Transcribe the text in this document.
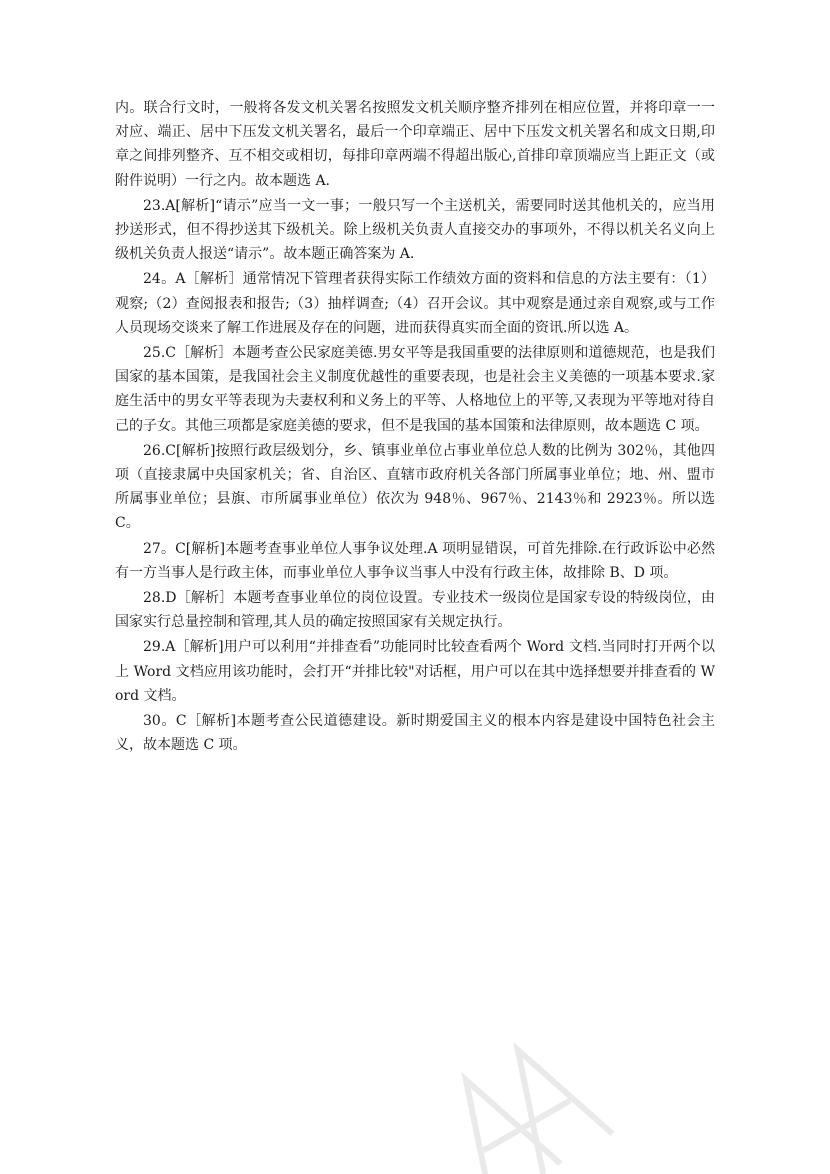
内。联合行文时，一般将各发文机关署名按照发文机关顺序整齐排列在相应位置，并将印章一一对应、端正、居中下压发文机关署名，最后一个印章端正、居中下压发文机关署名和成文日期,印章之间排列整齐、互不相交或相切，每排印章两端不得超出版心,首排印章顶端应当上距正文（或附件说明）一行之内。故本题选 A.

23.A[解析]“请示”应当一文一事；一般只写一个主送机关，需要同时送其他机关的，应当用抄送形式，但不得抄送其下级机关。除上级机关负责人直接交办的事项外，不得以机关名义向上级机关负责人报送“请示”。故本题正确答案为 A.

24。A［解析］通常情况下管理者获得实际工作绩效方面的资料和信息的方法主要有：（1）观察;（2）查阅报表和报告;（3）抽样调查;（4）召开会议。其中观察是通过亲自观察,或与工作人员现场交谈来了解工作进展及存在的问题，进而获得真实而全面的资讯.所以选 A。

25.C［解析］本题考查公民家庭美德.男女平等是我国重要的法律原则和道德规范，也是我们国家的基本国策，是我国社会主义制度优越性的重要表现，也是社会主义美德的一项基本要求.家庭生活中的男女平等表现为夫妻权利和义务上的平等、人格地位上的平等,又表现为平等地对待自己的子女。其他三项都是家庭美德的要求，但不是我国的基本国策和法律原则，故本题选 C 项。

26.C[解析]按照行政层级划分，乡、镇事业单位占事业单位总人数的比例为 302％，其他四项（直接隶属中央国家机关；省、自治区、直辖市政府机关各部门所属事业单位；地、州、盟市所属事业单位；县旗、市所属事业单位）依次为 948％、967％、2143％和 2923％。所以选 C。

27。C[解析]本题考查事业单位人事争议处理.A 项明显错误，可首先排除.在行政诉讼中必然有一方当事人是行政主体，而事业单位人事争议当事人中没有行政主体，故排除 B、D 项。

28.D［解析］本题考查事业单位的岗位设置。专业技术一级岗位是国家专设的特级岗位，由国家实行总量控制和管理,其人员的确定按照国家有关规定执行。

29.A［解析]用户可以利用“并排查看”功能同时比较查看两个 Word 文档.当同时打开两个以上 Word 文档应用该功能时，会打开“并排比较"对话框，用户可以在其中选择想要并排查看的 Word 文档。

30。C［解析]本题考查公民道德建设。新时期爱国主义的根本内容是建设中国特色社会主义，故本题选 C 项。
